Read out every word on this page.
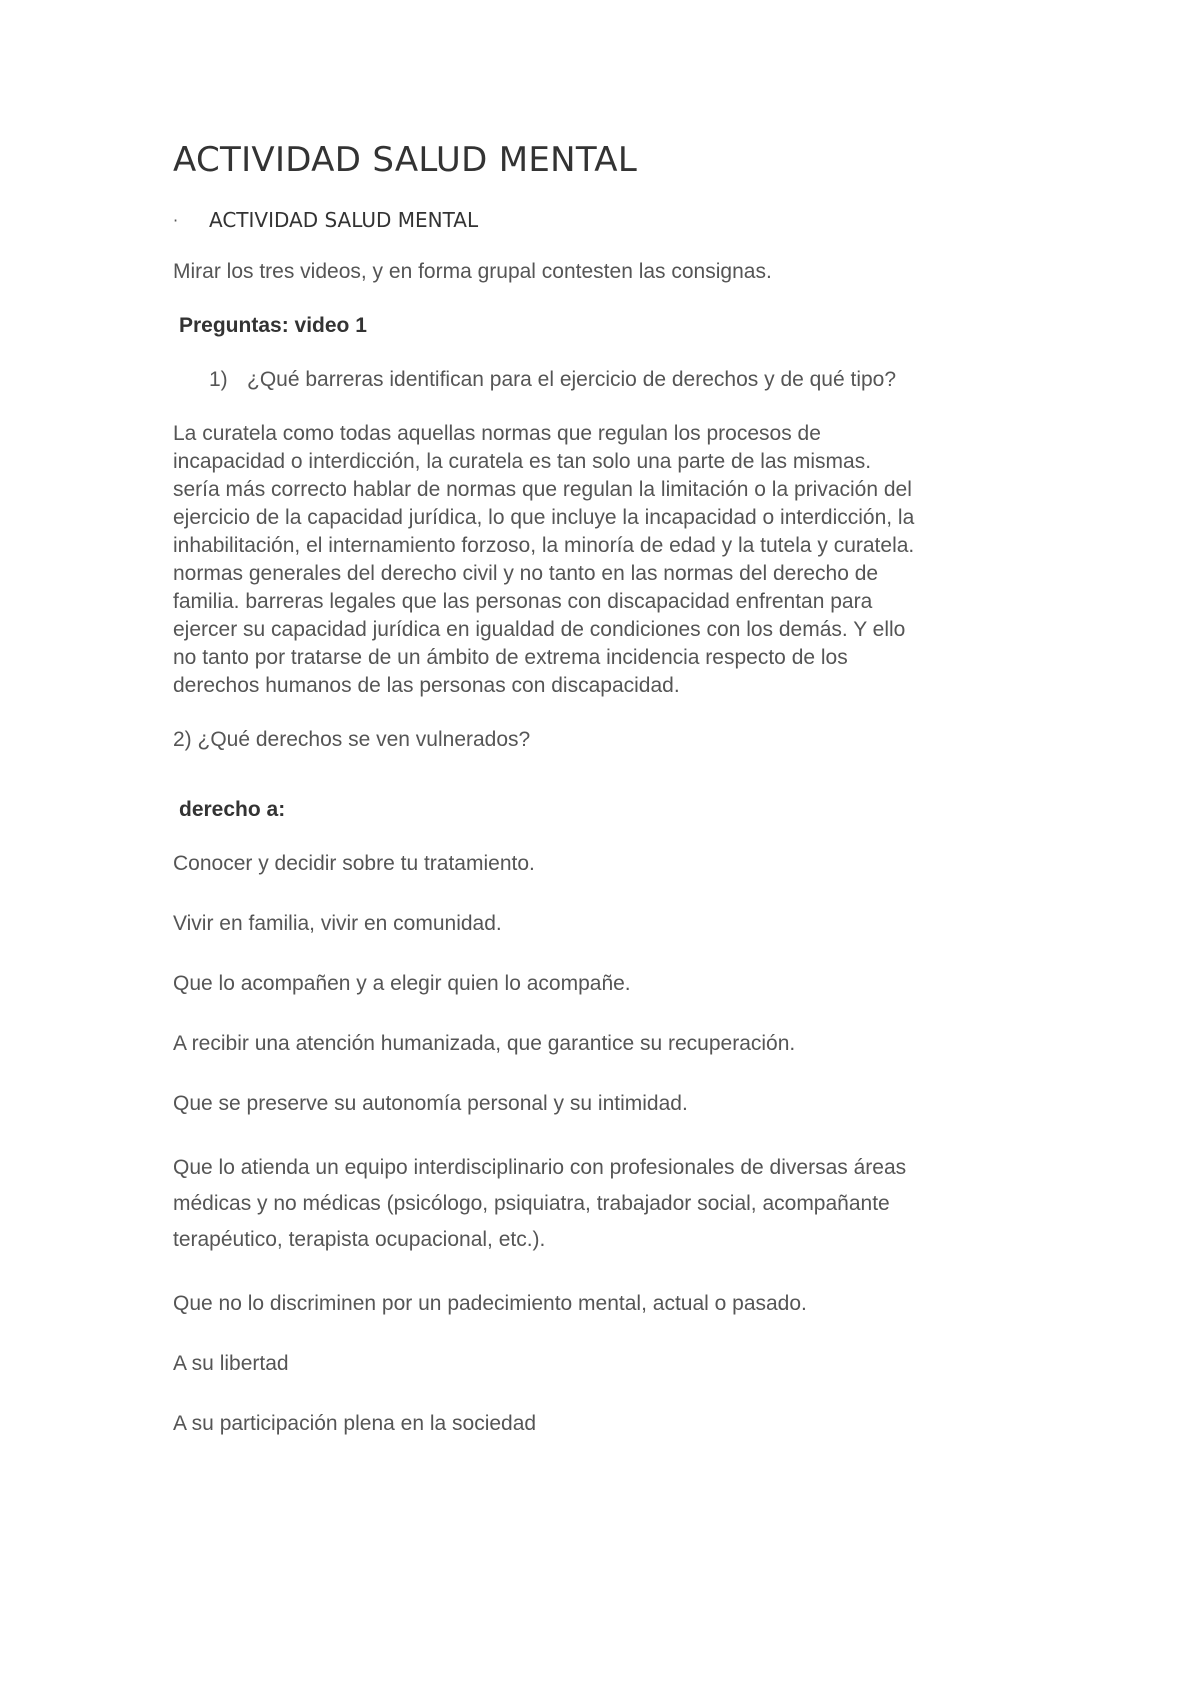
ACTIVIDAD SALUD MENTAL
·	ACTIVIDAD SALUD MENTAL

Mirar los tres videos, y en forma grupal contesten las consignas.

Preguntas: video 1

1) ¿Qué barreras identifican para el ejercicio de derechos y de qué tipo?

La curatela como todas aquellas normas que regulan los procesos de

incapacidad o interdicción, la curatela es tan solo una parte de las mismas.

sería más correcto hablar de normas que regulan la limitación o la privación del

ejercicio de la capacidad jurídica, lo que incluye la incapacidad o interdicción, la

inhabilitación, el internamiento forzoso, la minoría de edad y la tutela y curatela.

normas generales del derecho civil y no tanto en las normas del derecho de

familia. barreras legales que las personas con discapacidad enfrentan para

ejercer su capacidad jurídica en igualdad de condiciones con los demás. Y ello

no tanto por tratarse de un ámbito de extrema incidencia respecto de los

derechos humanos de las personas con discapacidad.

2) ¿Qué derechos se ven vulnerados?

derecho a:

Conocer y decidir sobre tu tratamiento.

Vivir en familia, vivir en comunidad.

Que lo acompañen y a elegir quien lo acompañe.

A recibir una atención humanizada, que garantice su recuperación.

Que se preserve su autonomía personal y su intimidad.

Que lo atienda un equipo interdisciplinario con profesionales de diversas áreas
médicas y no médicas (psicólogo, psiquiatra, trabajador social, acompañante
terapéutico, terapista ocupacional, etc.).

Que no lo discriminen por un padecimiento mental, actual o pasado.

A su libertad

A su participación plena en la sociedad
